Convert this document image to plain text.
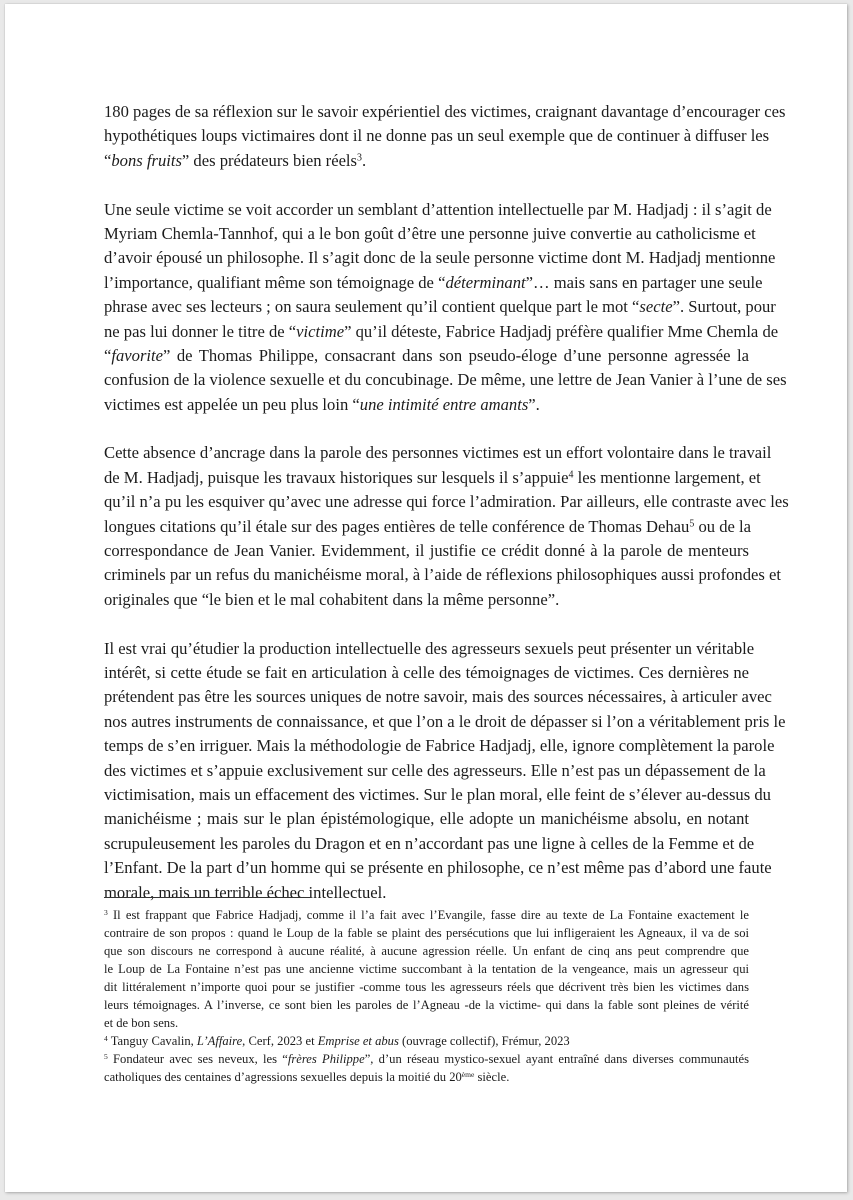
180 pages de sa réflexion sur le savoir expérientiel des victimes, craignant davantage d’encourager ces
hypothétiques loups victimaires dont il ne donne pas un seul exemple que de continuer à diffuser les
“bons fruits” des prédateurs bien réels$^3$.
Une seule victime se voit accorder un semblant d’attention intellectuelle par M. Hadjadj : il s’agit de
Myriam Chemla-Tannhof, qui a le bon goût d’être une personne juive convertie au catholicisme et
d’avoir épousé un philosophe. Il s’agit donc de la seule personne victime dont M. Hadjadj mentionne
l’importance, qualifiant même son témoignage de “déterminant”… mais sans en partager une seule
phrase avec ses lecteurs ; on saura seulement qu’il contient quelque part le mot “secte”. Surtout, pour
ne pas lui donner le titre de “victime” qu’il déteste, Fabrice Hadjadj préfère qualifier Mme Chemla de
“favorite” de Thomas Philippe, consacrant dans son pseudo-éloge d’une personne agressée la
confusion de la violence sexuelle et du concubinage. De même, une lettre de Jean Vanier à l’une de ses
victimes est appelée un peu plus loin “une intimité entre amants”.
Cette absence d’ancrage dans la parole des personnes victimes est un effort volontaire dans le travail
de M. Hadjadj, puisque les travaux historiques sur lesquels il s’appuie$^4$ les mentionne largement, et
qu’il n’a pu les esquiver qu’avec une adresse qui force l’admiration. Par ailleurs, elle contraste avec les
longues citations qu’il étale sur des pages entières de telle conférence de Thomas Dehau$^5$ ou de la
correspondance de Jean Vanier. Evidemment, il justifie ce crédit donné à la parole de menteurs
criminels par un refus du manichéisme moral, à l’aide de réflexions philosophiques aussi profondes et
originales que “le bien et le mal cohabitent dans la même personne”.
Il est vrai qu’étudier la production intellectuelle des agresseurs sexuels peut présenter un véritable
intérêt, si cette étude se fait en articulation à celle des témoignages de victimes. Ces dernières ne
prétendent pas être les sources uniques de notre savoir, mais des sources nécessaires, à articuler avec
nos autres instruments de connaissance, et que l’on a le droit de dépasser si l’on a véritablement pris le
temps de s’en irriguer. Mais la méthodologie de Fabrice Hadjadj, elle, ignore complètement la parole
des victimes et s’appuie exclusivement sur celle des agresseurs. Elle n’est pas un dépassement de la
victimisation, mais un effacement des victimes. Sur le plan moral, elle feint de s’élever au-dessus du
manichéisme ; mais sur le plan épistémologique, elle adopte un manichéisme absolu, en notant
scrupuleusement les paroles du Dragon et en n’accordant pas une ligne à celles de la Femme et de
l’Enfant. De la part d’un homme qui se présente en philosophe, ce n’est même pas d’abord une faute
morale, mais un terrible échec intellectuel.
$^3$ Il est frappant que Fabrice Hadjadj, comme il l’a fait avec l’Evangile, fasse dire au texte de La Fontaine exactement le
contraire de son propos : quand le Loup de la fable se plaint des persécutions que lui infligeraient les Agneaux, il va de soi
que son discours ne correspond à aucune réalité, à aucune agression réelle. Un enfant de cinq ans peut comprendre que
le Loup de La Fontaine n’est pas une ancienne victime succombant à la tentation de la vengeance, mais un agresseur qui
dit littéralement n’importe quoi pour se justifier -comme tous les agresseurs réels que décrivent très bien les victimes dans
leurs témoignages. A l’inverse, ce sont bien les paroles de l’Agneau -de la victime- qui dans la fable sont pleines de vérité
et de bon sens.
$^4$ Tanguy Cavalin, L’Affaire, Cerf, 2023 et Emprise et abus (ouvrage collectif), Frémur, 2023
$^5$ Fondateur avec ses neveux, les “frères Philippe”, d’un réseau mystico-sexuel ayant entraîné dans diverses communautés
catholiques des centaines d’agressions sexuelles depuis la moitié du 20ème siècle.
